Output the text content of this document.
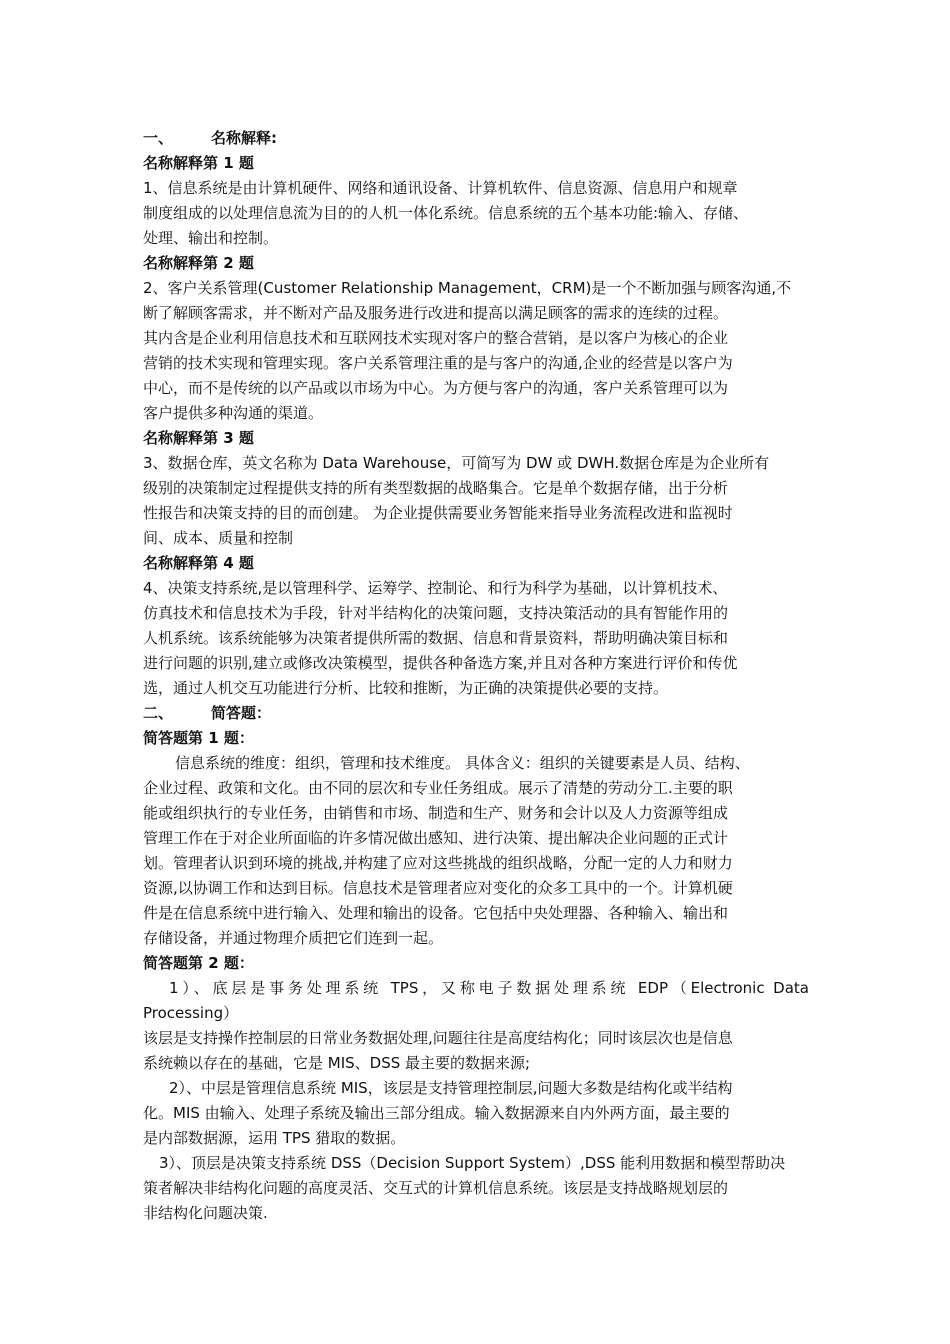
一、	名称解释:
名称解释第 1 题
1、信息系统是由计算机硬件、网络和通讯设备、计算机软件、信息资源、信息用户和规章
制度组成的以处理信息流为目的的人机一体化系统。信息系统的五个基本功能:输入、存储、
处理、输出和控制。
名称解释第 2 题
2、客户关系管理(Customer Relationship Management，CRM)是一个不断加强与顾客沟通,不
断了解顾客需求，并不断对产品及服务进行改进和提高以满足顾客的需求的连续的过程。
其内含是企业利用信息技术和互联网技术实现对客户的整合营销，是以客户为核心的企业
营销的技术实现和管理实现。客户关系管理注重的是与客户的沟通,企业的经营是以客户为
中心，而不是传统的以产品或以市场为中心。为方便与客户的沟通，客户关系管理可以为
客户提供多种沟通的渠道。
名称解释第 3 题
3、数据仓库，英文名称为 Data Warehouse，可简写为 DW 或 DWH.数据仓库是为企业所有
级别的决策制定过程提供支持的所有类型数据的战略集合。它是单个数据存储，出于分析
性报告和决策支持的目的而创建。 为企业提供需要业务智能来指导业务流程改进和监视时
间、成本、质量和控制
名称解释第 4 题
4、决策支持系统,是以管理科学、运筹学、控制论、和行为科学为基础，以计算机技术、
仿真技术和信息技术为手段，针对半结构化的决策问题，支持决策活动的具有智能作用的
人机系统。该系统能够为决策者提供所需的数据、信息和背景资料，帮助明确决策目标和
进行问题的识别,建立或修改决策模型，提供各种备选方案,并且对各种方案进行评价和传优
选，通过人机交互功能进行分析、比较和推断，为正确的决策提供必要的支持。
二、	简答题：
简答题第 1 题：
信息系统的维度：组织，管理和技术维度。 具体含义：组织的关键要素是人员、结构、
企业过程、政策和文化。由不同的层次和专业任务组成。展示了清楚的劳动分工.主要的职
能或组织执行的专业任务，由销售和市场、制造和生产、财务和会计以及人力资源等组成
管理工作在于对企业所面临的许多情况做出感知、进行决策、提出解决企业问题的正式计
划。管理者认识到环境的挑战,并构建了应对这些挑战的组织战略，分配一定的人力和财力
资源,以协调工作和达到目标。信息技术是管理者应对变化的众多工具中的一个。计算机硬
件是在信息系统中进行输入、处理和输出的设备。它包括中央处理器、各种输入、输出和
存储设备，并通过物理介质把它们连到一起。
简答题第 2 题：
1）、底层是事务处理系统 TPS，又称电子数据处理系统 EDP（Electronic Data
Processing）
该层是支持操作控制层的日常业务数据处理,问题往往是高度结构化；同时该层次也是信息
系统赖以存在的基础，它是 MIS、DSS 最主要的数据来源;
2）、中层是管理信息系统 MIS，该层是支持管理控制层,问题大多数是结构化或半结构
化。MIS 由输入、处理子系统及输出三部分组成。输入数据源来自内外两方面，最主要的
是内部数据源，运用 TPS 猎取的数据。
3）、顶层是决策支持系统 DSS（Decision Support System）,DSS 能利用数据和模型帮助决
策者解决非结构化问题的高度灵活、交互式的计算机信息系统。该层是支持战略规划层的
非结构化问题决策.
